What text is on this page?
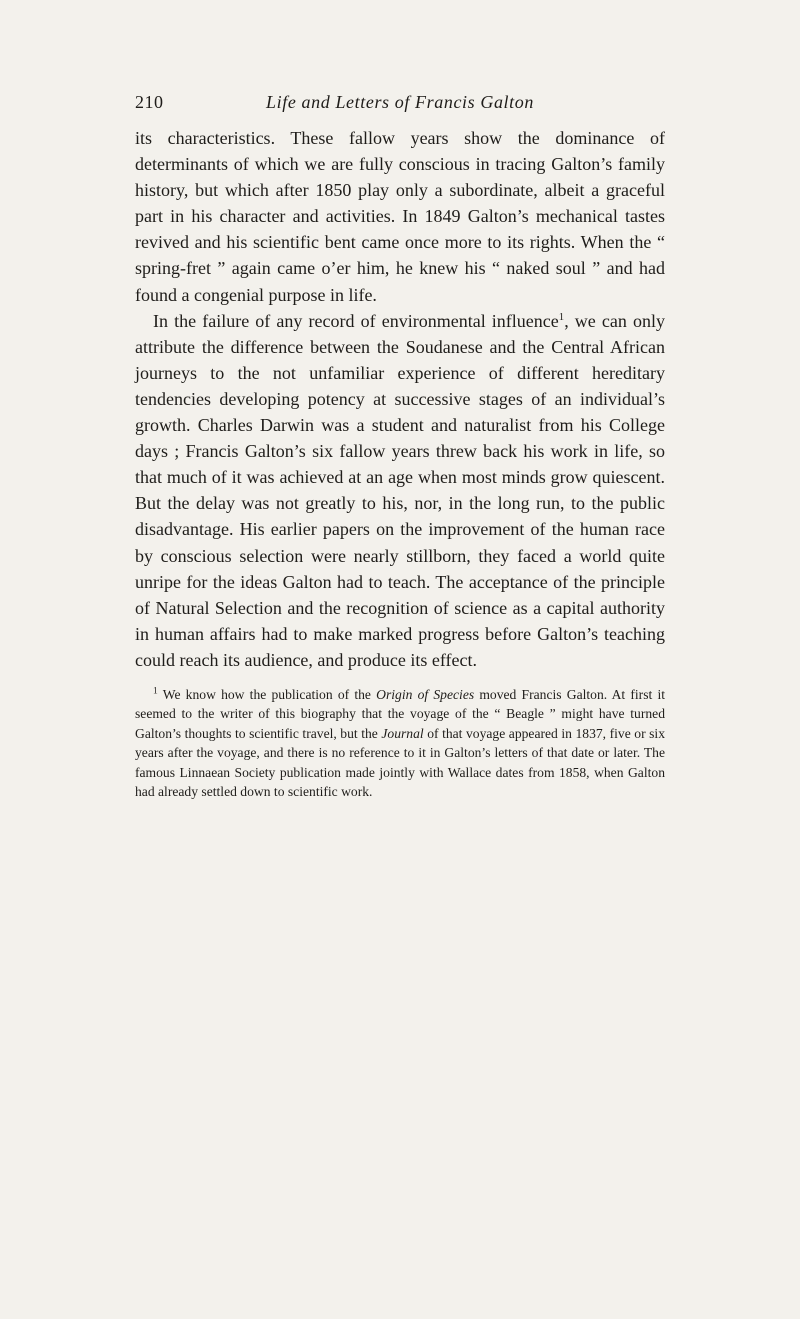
210	Life and Letters of Francis Galton

its characteristics. These fallow years show the dominance of determinants of which we are fully conscious in tracing Galton’s family history, but which after 1850 play only a subordinate, albeit a graceful part in his character and activities. In 1849 Galton’s mechanical tastes revived and his scientific bent came once more to its rights. When the “ spring-fret ” again came o’er him, he knew his “ naked soul ” and had found a congenial purpose in life.

In the failure of any record of environmental influence$^1$, we can only attribute the difference between the Soudanese and the Central African journeys to the not unfamiliar experience of different hereditary tendencies developing potency at successive stages of an individual’s growth. Charles Darwin was a student and naturalist from his College days ; Francis Galton’s six fallow years threw back his work in life, so that much of it was achieved at an age when most minds grow quiescent. But the delay was not greatly to his, nor, in the long run, to the public disadvantage. His earlier papers on the improvement of the human race by conscious selection were nearly stillborn, they faced a world quite unripe for the ideas Galton had to teach. The acceptance of the principle of Natural Selection and the recognition of science as a capital authority in human affairs had to make marked progress before Galton’s teaching could reach its audience, and produce its effect.

$^1$ We know how the publication of the Origin of Species moved Francis Galton. At first it seemed to the writer of this biography that the voyage of the “ Beagle ” might have turned Galton’s thoughts to scientific travel, but the Journal of that voyage appeared in 1837, five or six years after the voyage, and there is no reference to it in Galton’s letters of that date or later. The famous Linnaean Society publication made jointly with Wallace dates from 1858, when Galton had already settled down to scientific work.
